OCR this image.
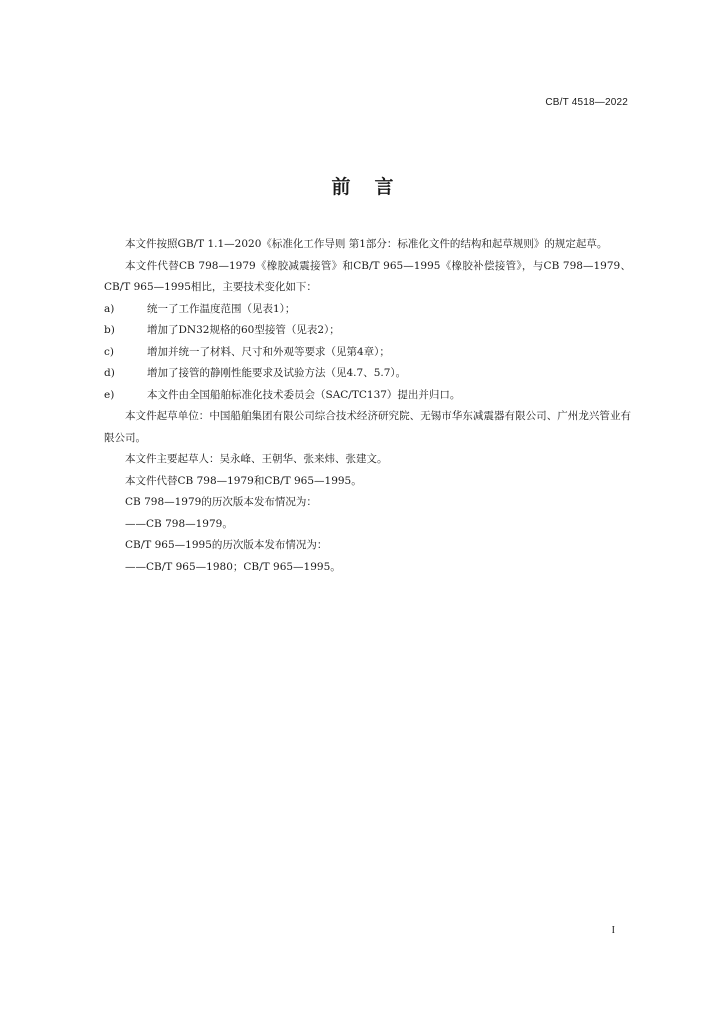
CB/T 4518—2022
前言

本文件按照GB/T 1.1—2020《标准化工作导则 第1部分：标准化文件的结构和起草规则》的规定起草。

本文件代替CB 798—1979《橡胶减震接管》和CB/T 965—1995《橡胶补偿接管》，与CB 798—1979、CB/T 965—1995相比，主要技术变化如下：

a)	统一了工作温度范围（见表1）；

b)	增加了DN32规格的60型接管（见表2）；

c)	增加并统一了材料、尺寸和外观等要求（见第4章）；

d)	增加了接管的静刚性能要求及试验方法（见4.7、5.7）。

e)	本文件由全国船舶标准化技术委员会（SAC/TC137）提出并归口。

本文件起草单位：中国船舶集团有限公司综合技术经济研究院、无锡市华东减震器有限公司、广州龙兴管业有限公司。

本文件主要起草人：吴永峰、王朝华、张来炜、张建文。

本文件代替CB 798—1979和CB/T 965—1995。

CB 798—1979的历次版本发布情况为：

——CB 798—1979。

CB/T 965—1995的历次版本发布情况为：

——CB/T 965—1980；CB/T 965—1995。

I
